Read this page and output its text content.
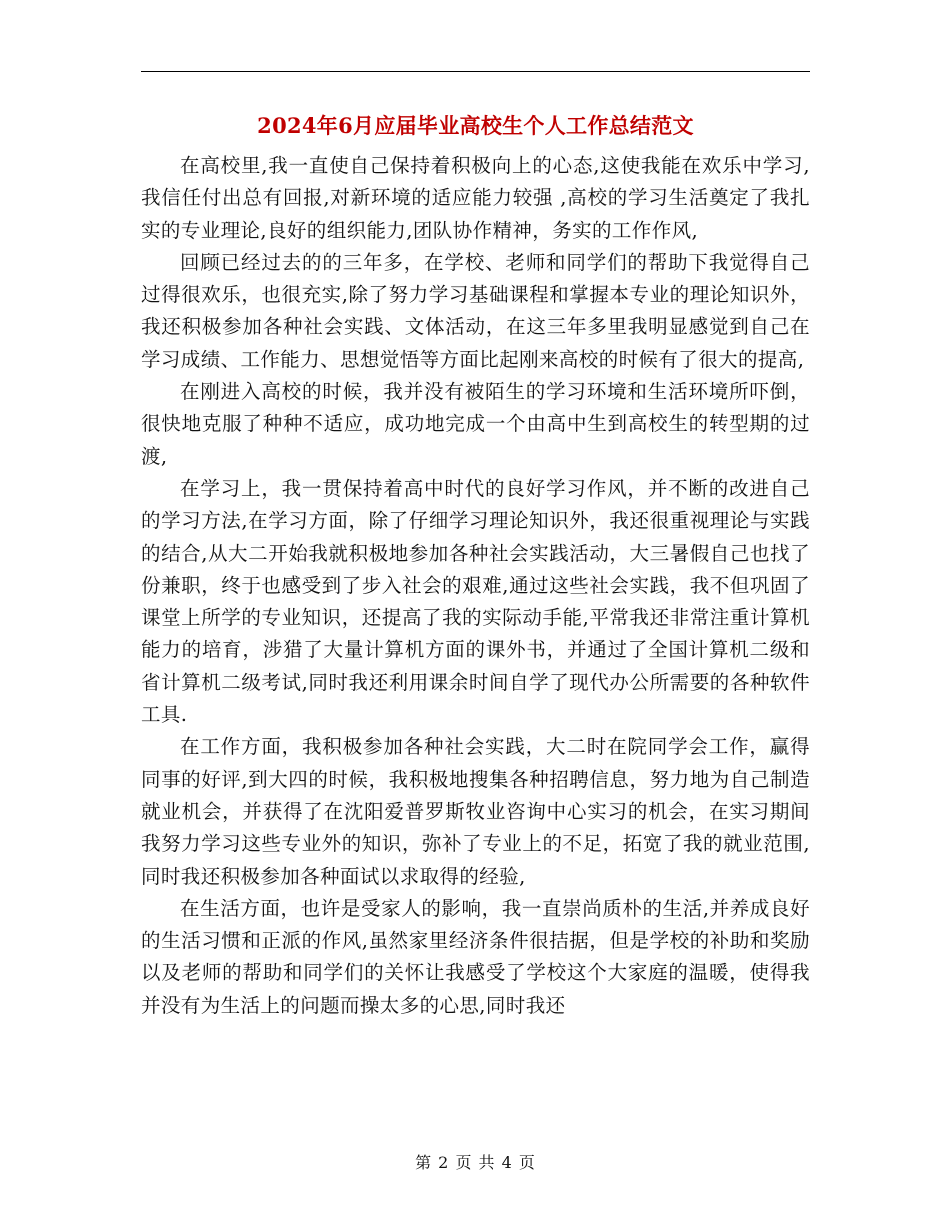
2024年6月应届毕业高校生个人工作总结范文

在高校里,我一直使自己保持着积极向上的心态,这使我能在欢乐中学习,我信任付出总有回报,对新环境的适应能力较强 ,高校的学习生活奠定了我扎实的专业理论,良好的组织能力,团队协作精神，务实的工作作风,

回顾已经过去的的三年多，在学校、老师和同学们的帮助下我觉得自己过得很欢乐，也很充实,除了努力学习基础课程和掌握本专业的理论知识外，我还积极参加各种社会实践、文体活动，在这三年多里我明显感觉到自己在学习成绩、工作能力、思想觉悟等方面比起刚来高校的时候有了很大的提高,

在刚进入高校的时候，我并没有被陌生的学习环境和生活环境所吓倒，很快地克服了种种不适应，成功地完成一个由高中生到高校生的转型期的过渡,

在学习上，我一贯保持着高中时代的良好学习作风，并不断的改进自己的学习方法,在学习方面，除了仔细学习理论知识外，我还很重视理论与实践的结合,从大二开始我就积极地参加各种社会实践活动，大三暑假自己也找了份兼职，终于也感受到了步入社会的艰难,通过这些社会实践，我不但巩固了课堂上所学的专业知识，还提高了我的实际动手能,平常我还非常注重计算机能力的培育，涉猎了大量计算机方面的课外书，并通过了全国计算机二级和省计算机二级考试,同时我还利用课余时间自学了现代办公所需要的各种软件工具.

在工作方面，我积极参加各种社会实践，大二时在院同学会工作，赢得同事的好评,到大四的时候，我积极地搜集各种招聘信息，努力地为自己制造就业机会，并获得了在沈阳爱普罗斯牧业咨询中心实习的机会，在实习期间我努力学习这些专业外的知识，弥补了专业上的不足，拓宽了我的就业范围,同时我还积极参加各种面试以求取得的经验,

在生活方面，也许是受家人的影响，我一直崇尚质朴的生活,并养成良好的生活习惯和正派的作风,虽然家里经济条件很拮据，但是学校的补助和奖励以及老师的帮助和同学们的关怀让我感受了学校这个大家庭的温暖，使得我并没有为生活上的问题而操太多的心思,同时我还

第 2 页 共 4 页
